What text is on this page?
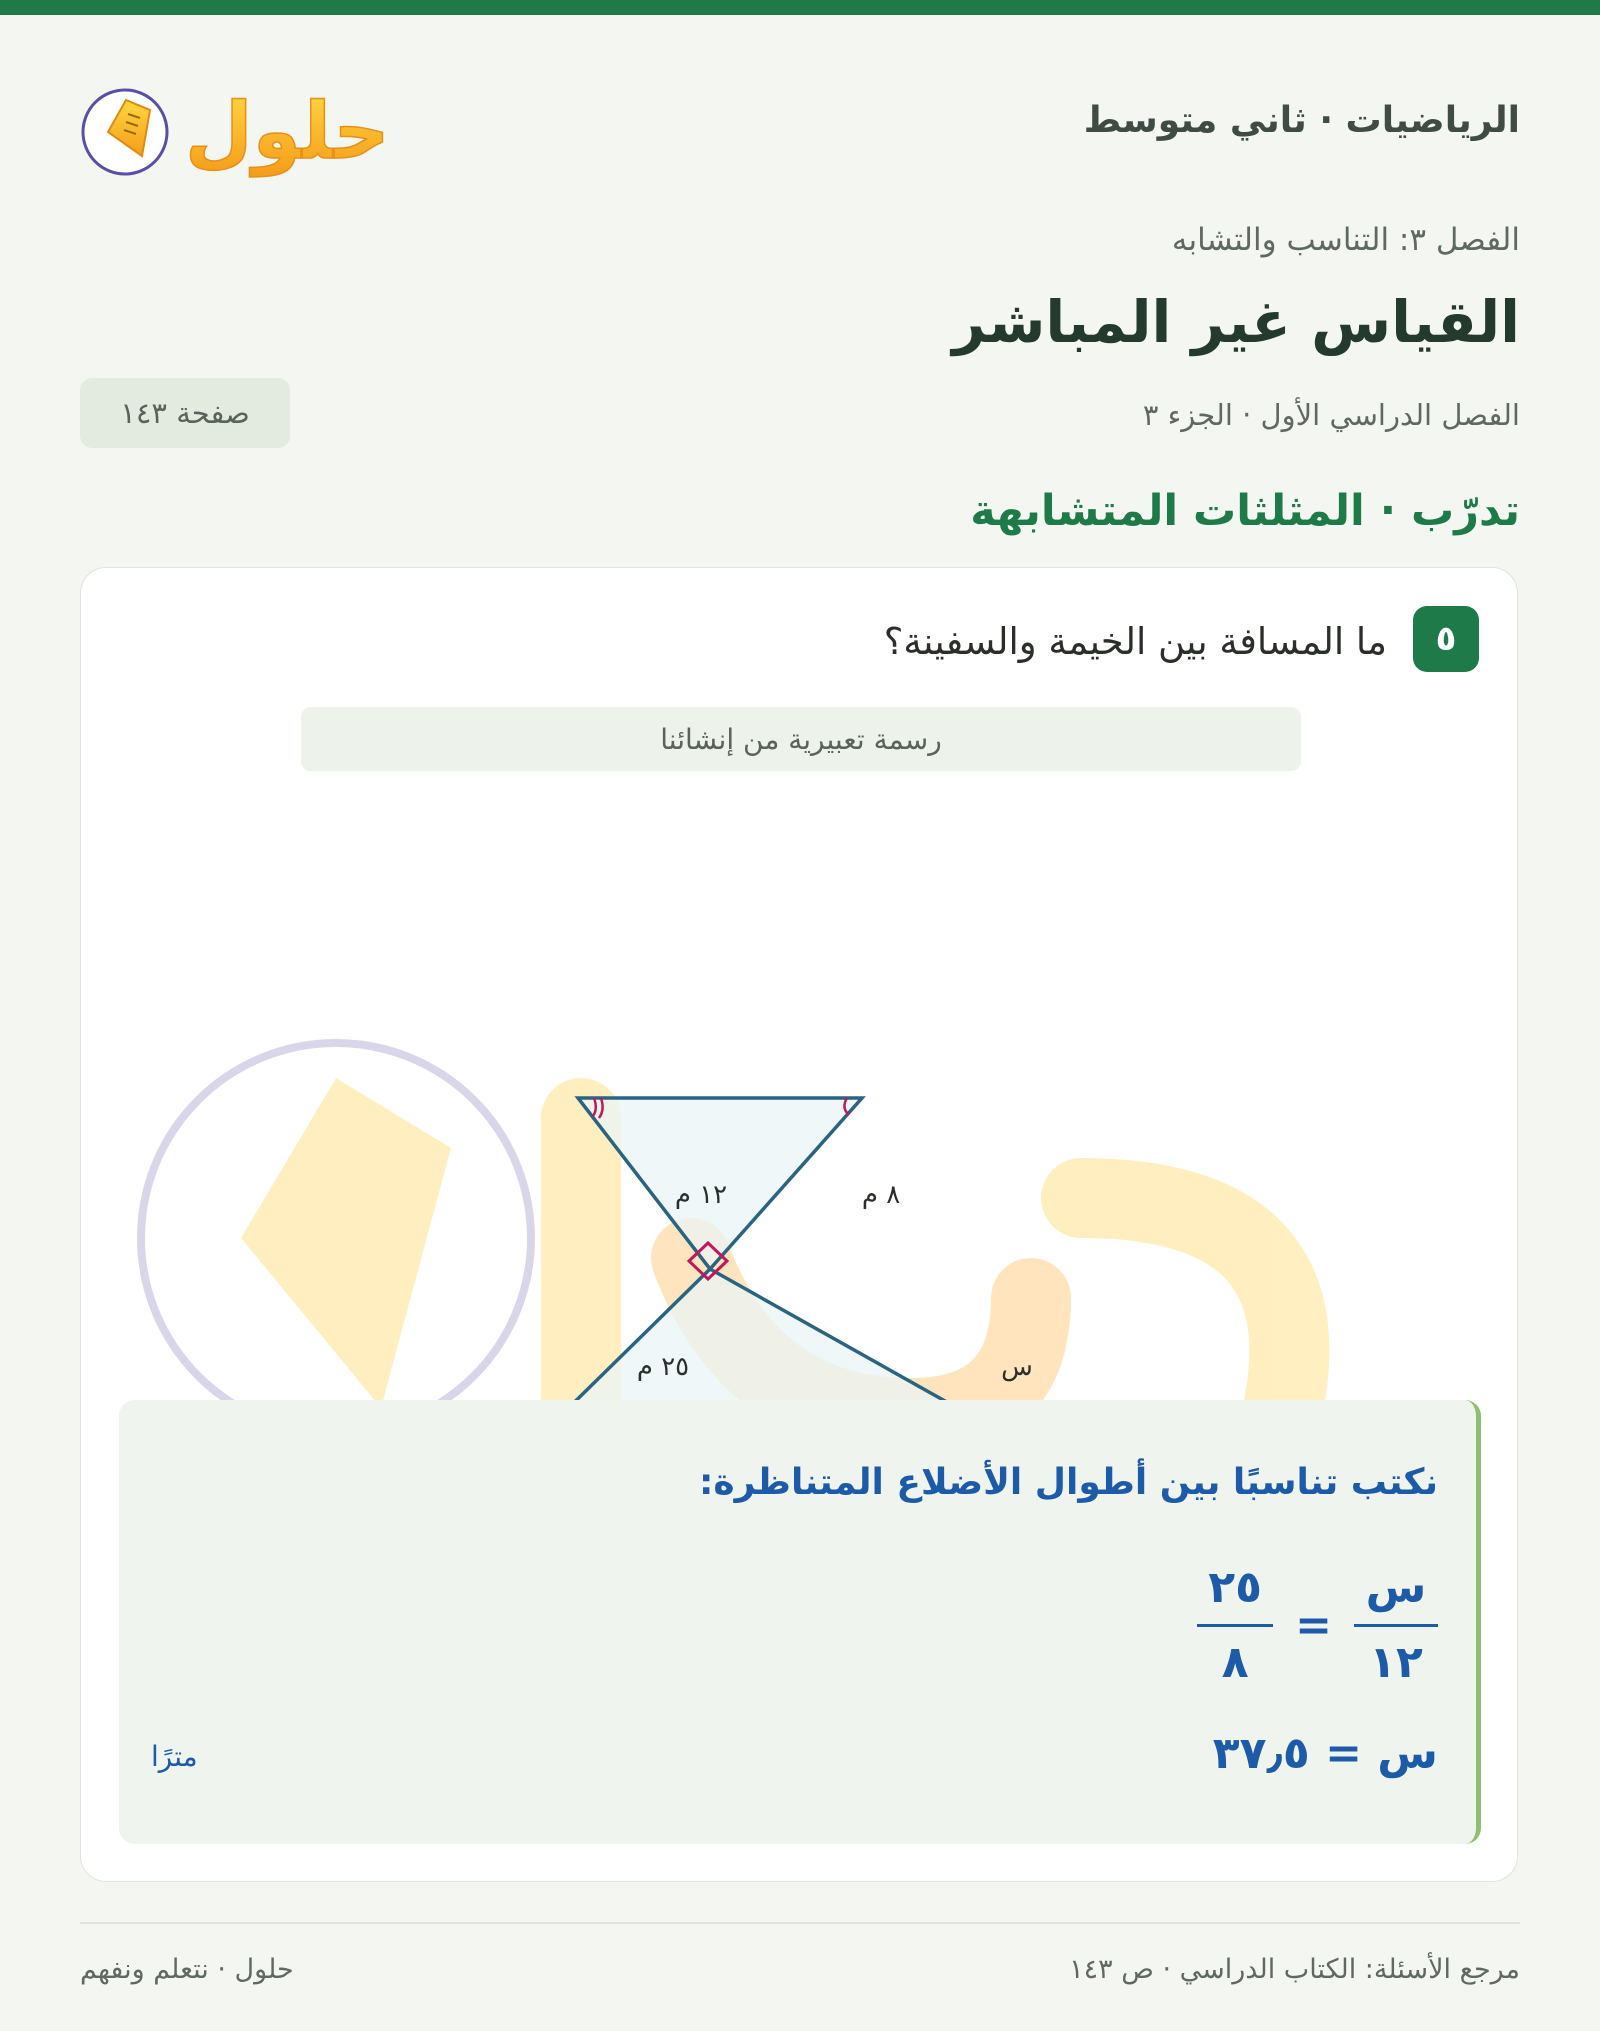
الرياضيات · ثاني متوسط
حلول
الفصل ٣: التناسب والتشابه
القياس غير المباشر
الفصل الدراسي الأول · الجزء ٣
صفحة ١٤٣
تدرّب · المثلثات المتشابهة
٥
ما المسافة بين الخيمة والسفينة؟
رسمة تعبيرية من إنشائنا
١٢ م	٨ م
٢٥ م	س
نكتب تناسبًا بين أطوال الأضلاع المتناظرة:
$\frac{\text{س}}{١٢}$
=
$\frac{٢٥}{٨}$
س = ٣٧٫٥
مترًا
مرجع الأسئلة: الكتاب الدراسي · ص ١٤٣
حلول · نتعلم ونفهم
